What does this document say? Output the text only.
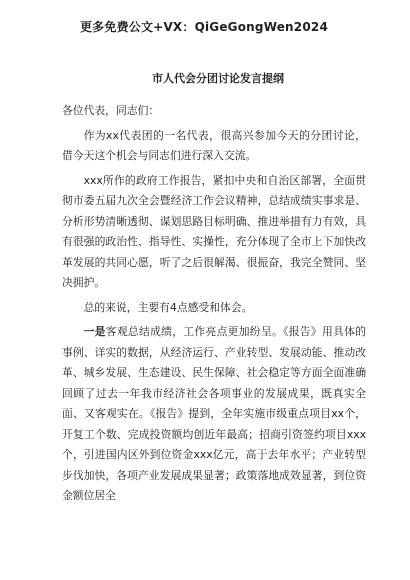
更多免费公文+VX：QiGeGongWen2024
市人代会分团讨论发言提纲

各位代表，同志们：

作为xx代表团的一名代表，很高兴参加今天的分团讨论，借今天这个机会与同志们进行深入交流。

xxx所作的政府工作报告，紧扣中央和自治区部署，全面贯彻市委五届九次全会暨经济工作会议精神，总结成绩实事求是、分析形势清晰透彻、谋划思路目标明确、推进举措有力有效，具有很强的政治性、指导性、实操性，充分体现了全市上下加快改革发展的共同心愿，听了之后很解渴、很振奋，我完全赞同、坚决拥护。

总的来说，主要有4点感受和体会。

一是客观总结成绩，工作亮点更加纷呈。《报告》用具体的事例、详实的数据，从经济运行、产业转型、发展动能、推动改革、城乡发展、生态建设、民生保障、社会稳定等方面全面准确回顾了过去一年我市经济社会各项事业的发展成果，既真实全面、又客观实在。《报告》提到，全年实施市级重点项目xx个，开复工个数、完成投资额均创近年最高；招商引资签约项目xxx个，引进国内区外到位资金xxx亿元，高于去年水平；产业转型步伐加快，各项产业发展成果显著；政策落地成效显著，到位资金额位居全
